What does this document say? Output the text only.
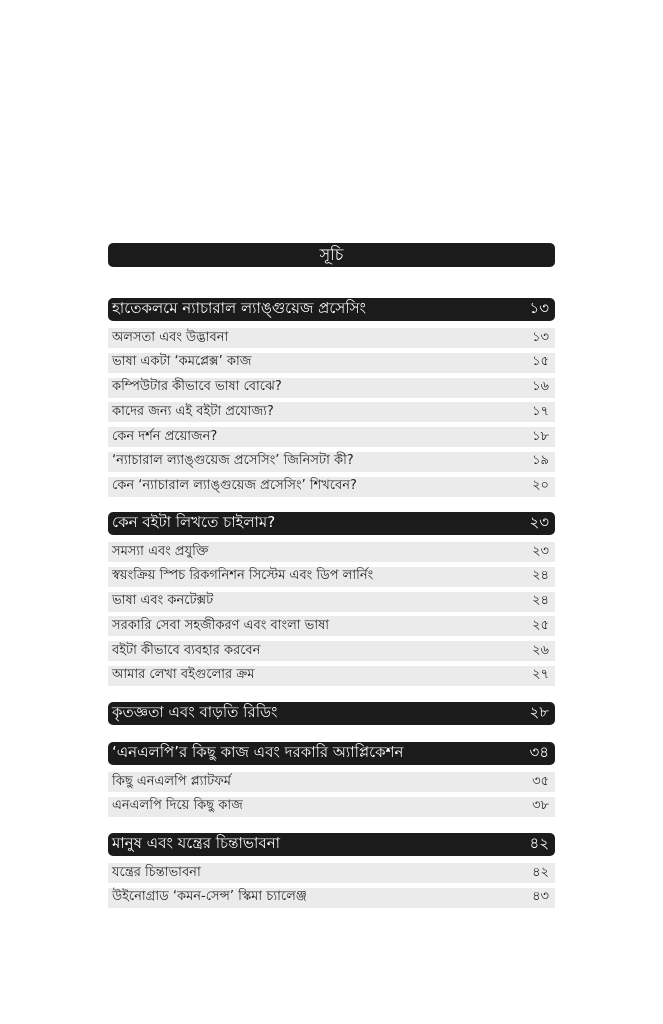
সূচি
হাতেকলমে ন্যাচারাল ল্যাঙ্গুয়েজ প্রসেসিং	১৩
অলসতা এবং উদ্ভাবনা	১৩
ভাষা একটা ‘কমপ্লেক্স’ কাজ	১৫
কম্পিউটার কীভাবে ভাষা বোঝে?	১৬
কাদের জন্য এই বইটা প্রযোজ্য?	১৭
কেন দর্শন প্রয়োজন?	১৮
‘ন্যাচারাল ল্যাঙ্গুয়েজ প্রসেসিং’ জিনিসটা কী?	১৯
কেন ‘ন্যাচারাল ল্যাঙ্গুয়েজ প্রসেসিং’ শিখবেন?	২০
কেন বইটা লিখতে চাইলাম?	২৩
সমস্যা এবং প্রযুক্তি	২৩
স্বয়ংক্রিয় স্পিচ রিকগনিশন সিস্টেম এবং ডিপ লার্নিং	২৪
ভাষা এবং কনটেক্সট	২৪
সরকারি সেবা সহজীকরণ এবং বাংলা ভাষা	২৫
বইটা কীভাবে ব্যবহার করবেন	২৬
আমার লেখা বইগুলোর ক্রম	২৭
কৃতজ্ঞতা এবং বাড়তি রিডিং	২৮
‘এনএলপি’র কিছু কাজ এবং দরকারি অ্যাপ্লিকেশন	৩৪
কিছু এনএলপি প্ল্যাটফর্ম	৩৫
এনএলপি দিয়ে কিছু কাজ	৩৮
মানুষ এবং যন্ত্রের চিন্তাভাবনা	৪২
যন্ত্রের চিন্তাভাবনা	৪২
উইনোগ্রাড ‘কমন-সেন্স’ স্কিমা চ্যালেঞ্জ	৪৩
